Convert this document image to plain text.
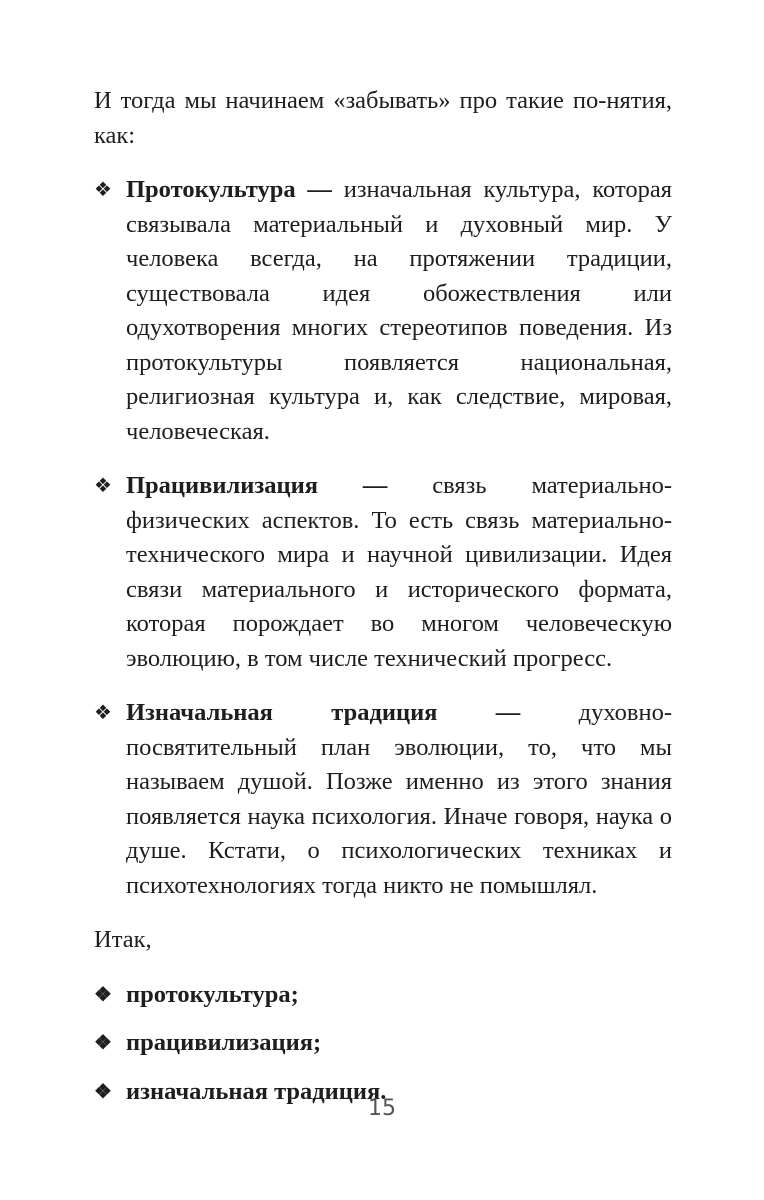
И тогда мы начинаем «забывать» про такие по-нятия, как:

❖ Протокультура — изначальная культура, которая связывала материальный и духовный мир. У человека всегда, на протяжении традиции, существовала идея обожествления или одухотворения многих стереотипов поведения. Из протокультуры появляется национальная, религиозная культура и, как следствие, мировая, человеческая.
❖ Працивилизация — связь материально-физических аспектов. То есть связь материально-технического мира и научной цивилизации. Идея связи материального и исторического формата, которая порождает во многом человеческую эволюцию, в том числе технический прогресс.
❖ Изначальная традиция — духовно-посвятительный план эволюции, то, что мы называем душой. Позже именно из этого знания появляется наука психология. Иначе говоря, наука о душе. Кстати, о психологических техниках и психотехнологиях тогда никто не помышлял.

Итак,

❖ протокультура;
❖ працивилизация;
❖ изначальная традиция.
15
